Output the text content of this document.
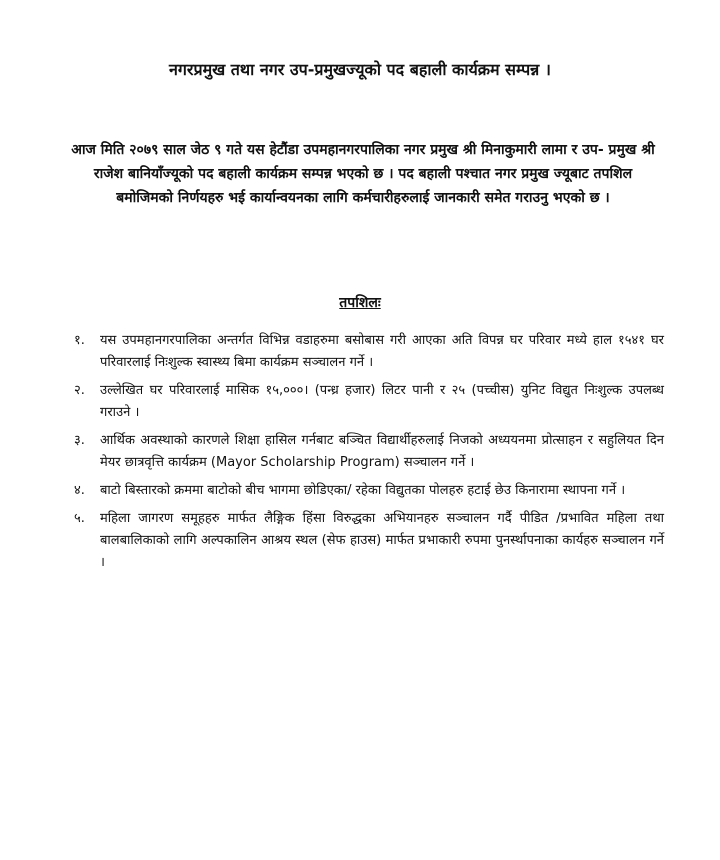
नगरप्रमुख तथा नगर उप-प्रमुखज्यूको पद बहाली कार्यक्रम सम्पन्न ।
आज मिति २०७९ साल जेठ ९ गते यस हेटौंडा उपमहानगरपालिका नगर प्रमुख श्री मिनाकुमारी लामा र उप- प्रमुख श्री राजेश बानियाँज्यूको पद बहाली कार्यक्रम सम्पन्न भएको छ । पद बहाली पश्चात नगर प्रमुख ज्यूबाट तपशिल बमोजिमको निर्णयहरु भई कार्यान्वयनका लागि कर्मचारीहरुलाई जानकारी समेत गराउनु भएको छ ।
तपशिलः
१.	यस उपमहानगरपालिका अन्तर्गत विभिन्न वडाहरुमा बसोबास गरी आएका अति विपन्न घर परिवार मध्ये हाल १५४१ घर परिवारलाई निःशुल्क स्वास्थ्य बिमा कार्यक्रम सञ्चालन गर्ने ।
२.	उल्लेखित घर परिवारलाई मासिक १५,०००। (पन्ध्र हजार) लिटर पानी र २५ (पच्चीस) युनिट विद्युत निःशुल्क उपलब्ध गराउने ।
३.	आर्थिक अवस्थाको कारणले शिक्षा हासिल गर्नबाट बञ्चित विद्यार्थीहरुलाई निजको अध्ययनमा प्रोत्साहन र सहुलियत दिन मेयर छात्रवृत्ति कार्यक्रम (Mayor Scholarship Program) सञ्चालन गर्ने ।
४.	बाटो बिस्तारको क्रममा बाटोको बीच भागमा छोडिएका/ रहेका विद्युतका पोलहरु हटाई छेउ किनारामा स्थापना गर्ने ।
५.	महिला जागरण समूहहरु मार्फत लैङ्गिक हिंसा विरुद्धका अभियानहरु सञ्चालन गर्दै पीडित /प्रभावित महिला तथा बालबालिकाको लागि अल्पकालिन आश्रय स्थल (सेफ हाउस) मार्फत प्रभाकारी रुपमा पुनर्स्थापनाका कार्यहरु सञ्चालन गर्ने ।
